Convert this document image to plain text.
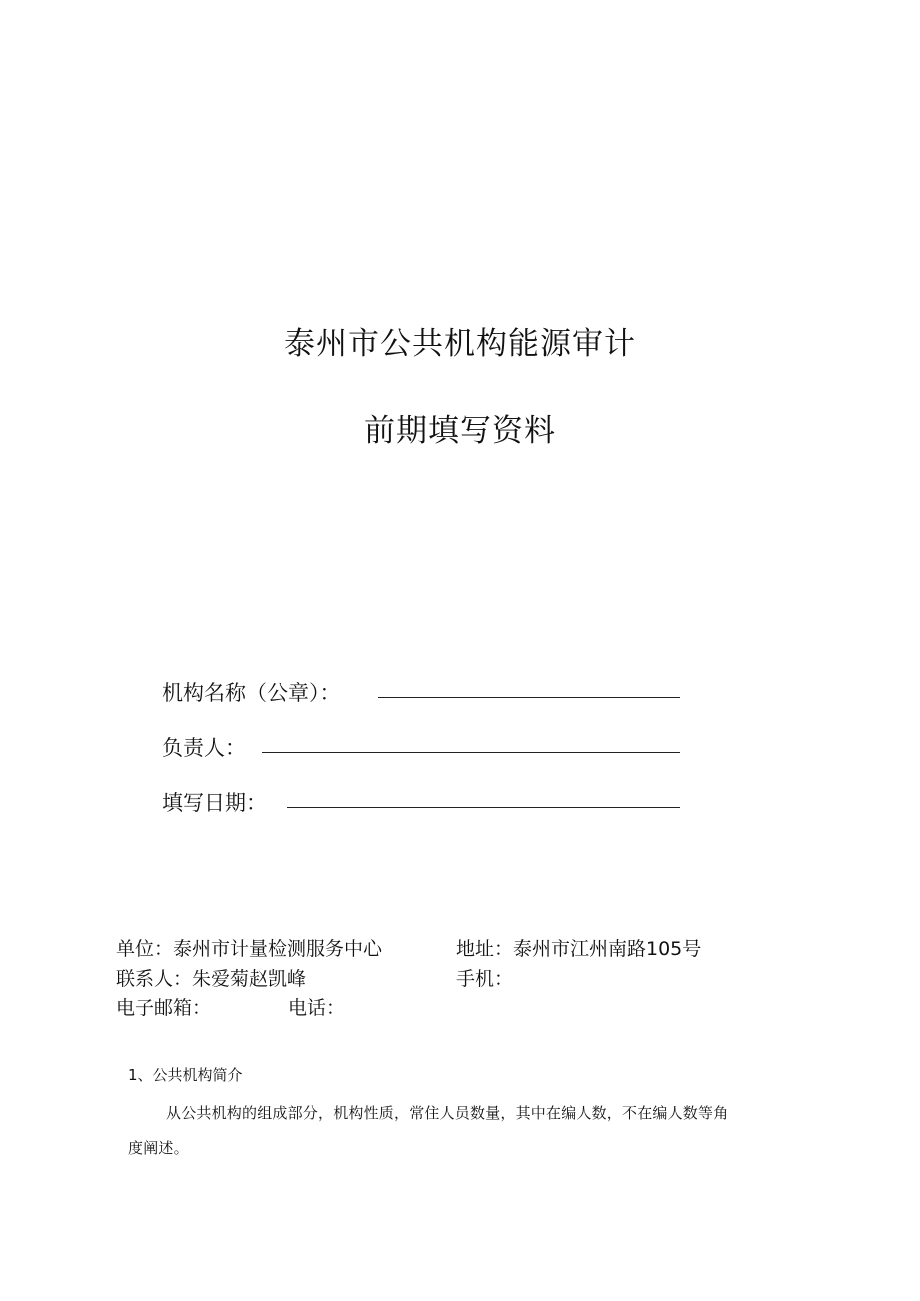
泰州市公共机构能源审计
前期填写资料
机构名称（公章）：
负责人：
填写日期：
单位：泰州市计量检测服务中心	地址：泰州市江州南路105号
联系人：朱爱菊赵凯峰	手机：
电子邮箱：	电话：
1、公共机构简介
从公共机构的组成部分，机构性质，常住人员数量，其中在编人数，不在编人数等角
度阐述。
